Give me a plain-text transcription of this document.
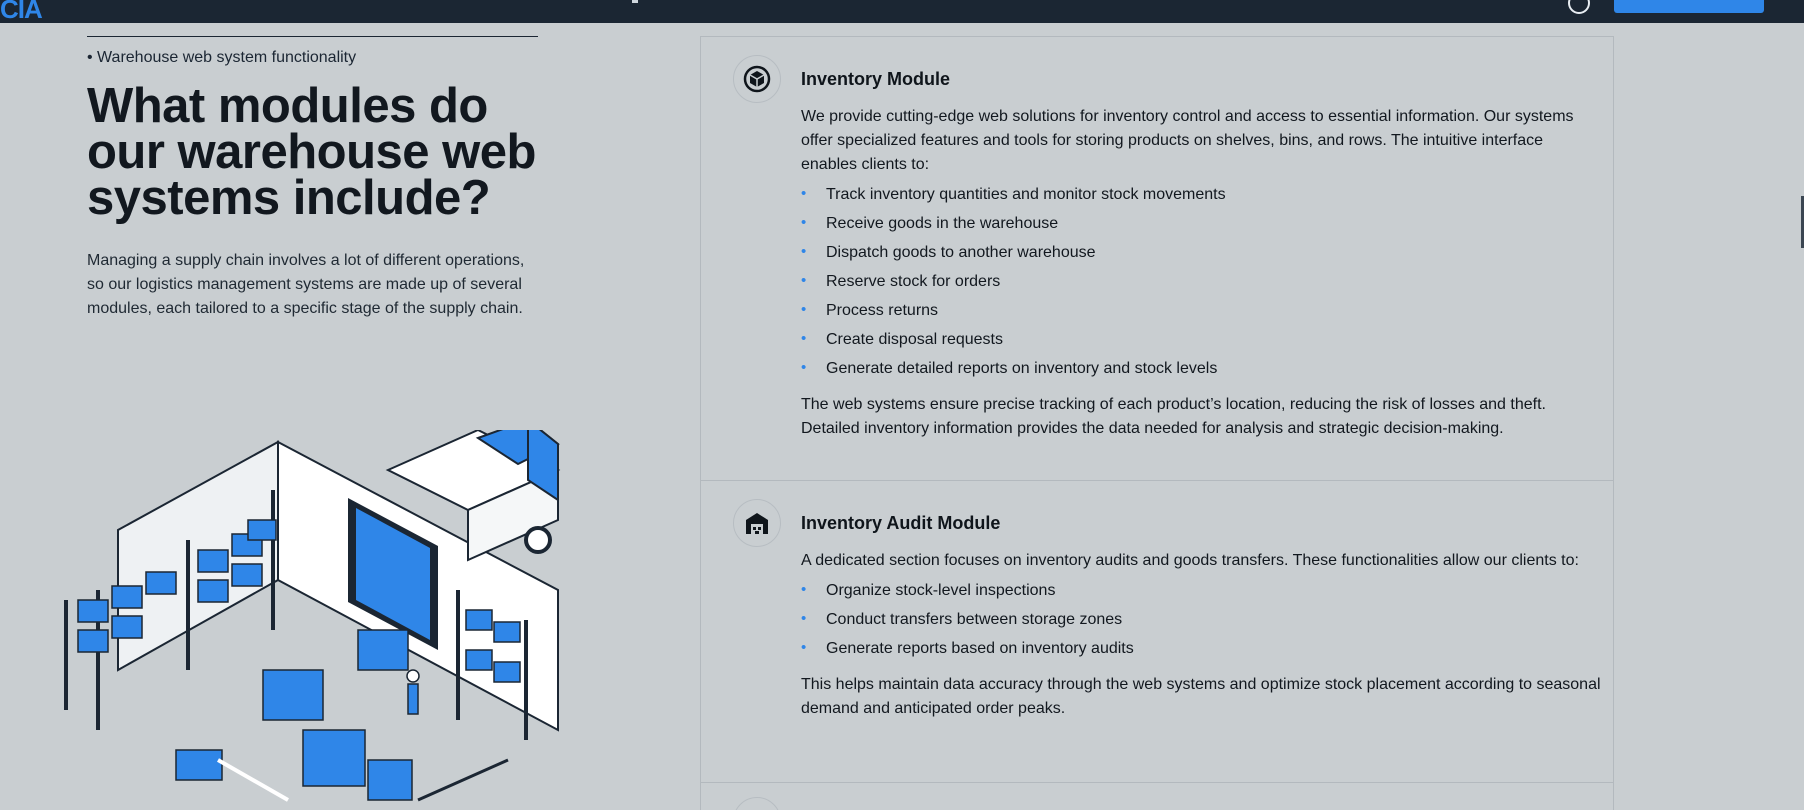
CIA
• Warehouse web system functionality
What modules do our warehouse web systems include?

Managing a supply chain involves a lot of different operations, so our logistics management systems are made up of several modules, each tailored to a specific stage of the supply chain.

Inventory Module

We provide cutting-edge web solutions for inventory control and access to essential information. Our systems offer specialized features and tools for storing products on shelves, bins, and rows. The intuitive interface enables clients to:

• Track inventory quantities and monitor stock movements
• Receive goods in the warehouse
• Dispatch goods to another warehouse
• Reserve stock for orders
• Process returns
• Create disposal requests
• Generate detailed reports on inventory and stock levels

The web systems ensure precise tracking of each product’s location, reducing the risk of losses and theft. Detailed inventory information provides the data needed for analysis and strategic decision-making.

Inventory Audit Module

A dedicated section focuses on inventory audits and goods transfers. These functionalities allow our clients to:

• Organize stock-level inspections
• Conduct transfers between storage zones
• Generate reports based on inventory audits

This helps maintain data accuracy through the web systems and optimize stock placement according to seasonal demand and anticipated order peaks.
